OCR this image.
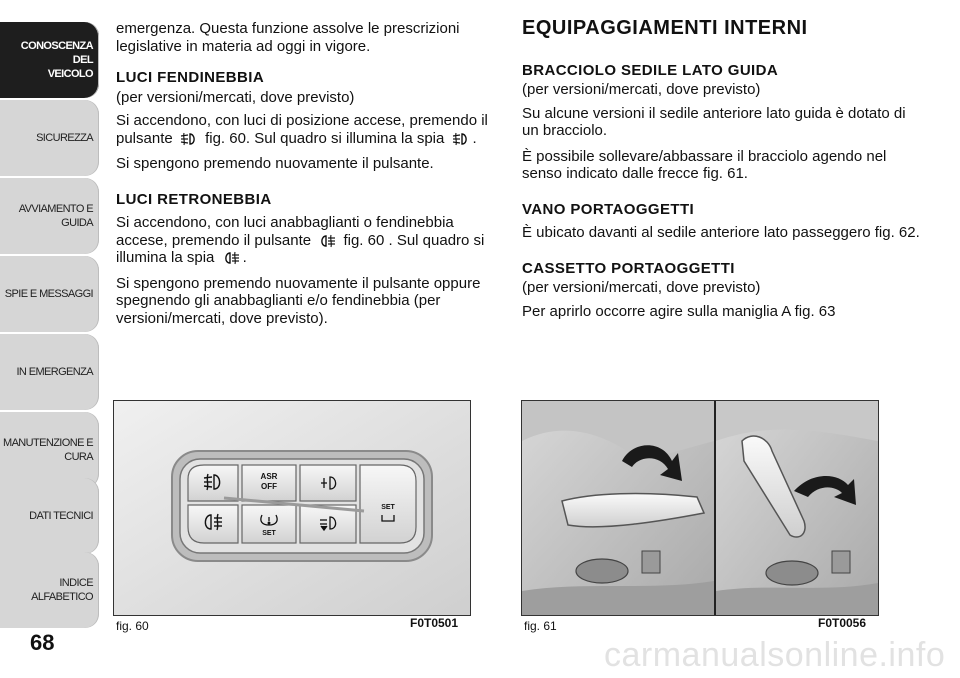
CONOSCENZA DEL
VEICOLO
SICUREZZA
AVVIAMENTO E
GUIDA
SPIE E MESSAGGI
IN EMERGENZA
MANUTENZIONE E
CURA
DATI TECNICI
INDICE ALFABETICO
68

emergenza. Questa funzione assolve le prescrizioni legislative in materia ad oggi in vigore.

LUCI FENDINEBBIA

(per versioni/mercati, dove previsto)

Si accendono, con luci di posizione accese, premendo il pulsante fig. 60. Sul quadro si illumina la spia .

Si spengono premendo nuovamente il pulsante.

LUCI RETRONEBBIA

Si accendono, con luci anabbaglianti o fendinebbia accese, premendo il pulsante fig. 60 . Sul quadro si illumina la spia .

Si spengono premendo nuovamente il pulsante oppure spegnendo gli anabbaglianti e/o fendinebbia (per versioni/mercati, dove previsto).

EQUIPAGGIAMENTI INTERNI
BRACCIOLO SEDILE LATO GUIDA

(per versioni/mercati, dove previsto)

Su alcune versioni il sedile anteriore lato guida è dotato di un bracciolo.

È possibile sollevare/abbassare il bracciolo agendo nel senso indicato dalle frecce fig. 61.

VANO PORTAOGGETTI

È ubicato davanti al sedile anteriore lato passeggero fig. 62.

CASSETTO PORTAOGGETTI

(per versioni/mercati, dove previsto)

Per aprirlo occorre agire sulla maniglia A fig. 63

ASR
OFF
SET
SET
fig. 60	F0T0501	fig. 61	F0T0056
carmanualsonline.info
